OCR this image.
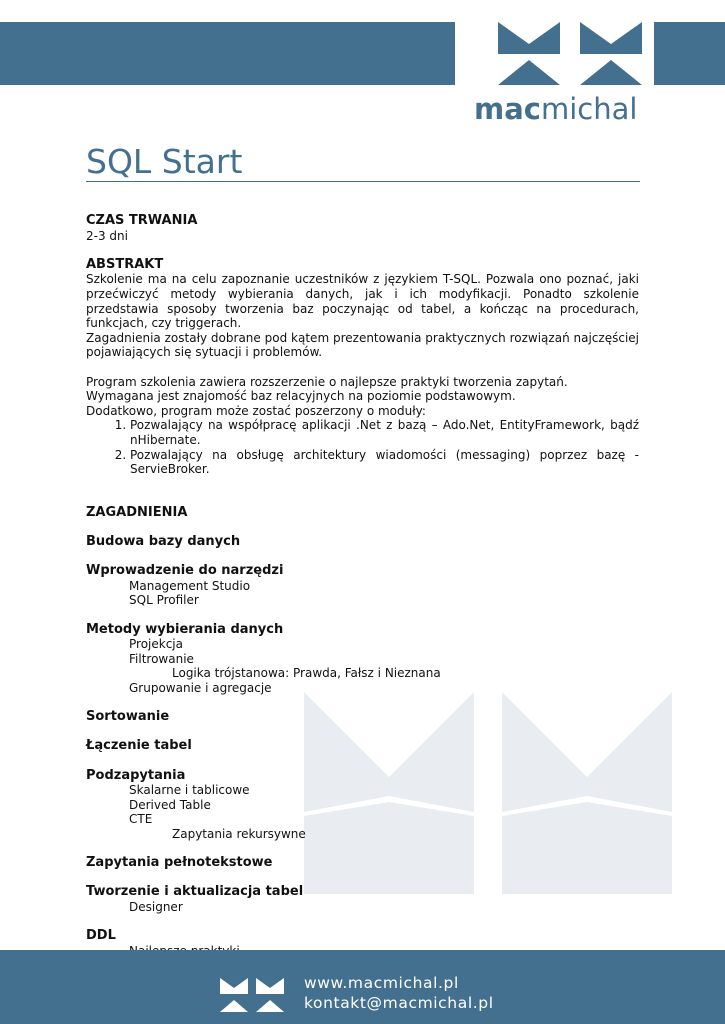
macmichal
SQL Start

CZAS TRWANIA

2-3 dni

ABSTRAKT

Szkolenie ma na celu zapoznanie uczestników z językiem T-SQL. Pozwala ono poznać, jaki przećwiczyć metody wybierania danych, jak i ich modyfikacji. Ponadto szkolenie przedstawia sposoby tworzenia baz poczynając od tabel, a kończąc na procedurach, funkcjach, czy triggerach.

Zagadnienia zostały dobrane pod kątem prezentowania praktycznych rozwiązań najczęściej pojawiających się sytuacji i problemów.

Program szkolenia zawiera rozszerzenie o najlepsze praktyki tworzenia zapytań.

Wymagana jest znajomość baz relacyjnych na poziomie podstawowym.

Dodatkowo, program może zostać poszerzony o moduły:

1. Pozwalający na współpracę aplikacji .Net z bazą – Ado.Net, EntityFramework, bądź nHibernate.
2. Pozwalający na obsługę architektury wiadomości (messaging) poprzez bazę - ServieBroker.

ZAGADNIENIA

Budowa bazy danych

Wprowadzenie do narzędzi

Management Studio

SQL Profiler

Metody wybierania danych

Projekcja

Filtrowanie

Logika trójstanowa: Prawda, Fałsz i Nieznana

Grupowanie i agregacje

Sortowanie

Łączenie tabel

Podzapytania

Skalarne i tablicowe

Derived Table

CTE

Zapytania rekursywne

Zapytania pełnotekstowe

Tworzenie i aktualizacja tabel

Designer

DDL

www.macmichal.pl
kontakt@macmichal.pl
